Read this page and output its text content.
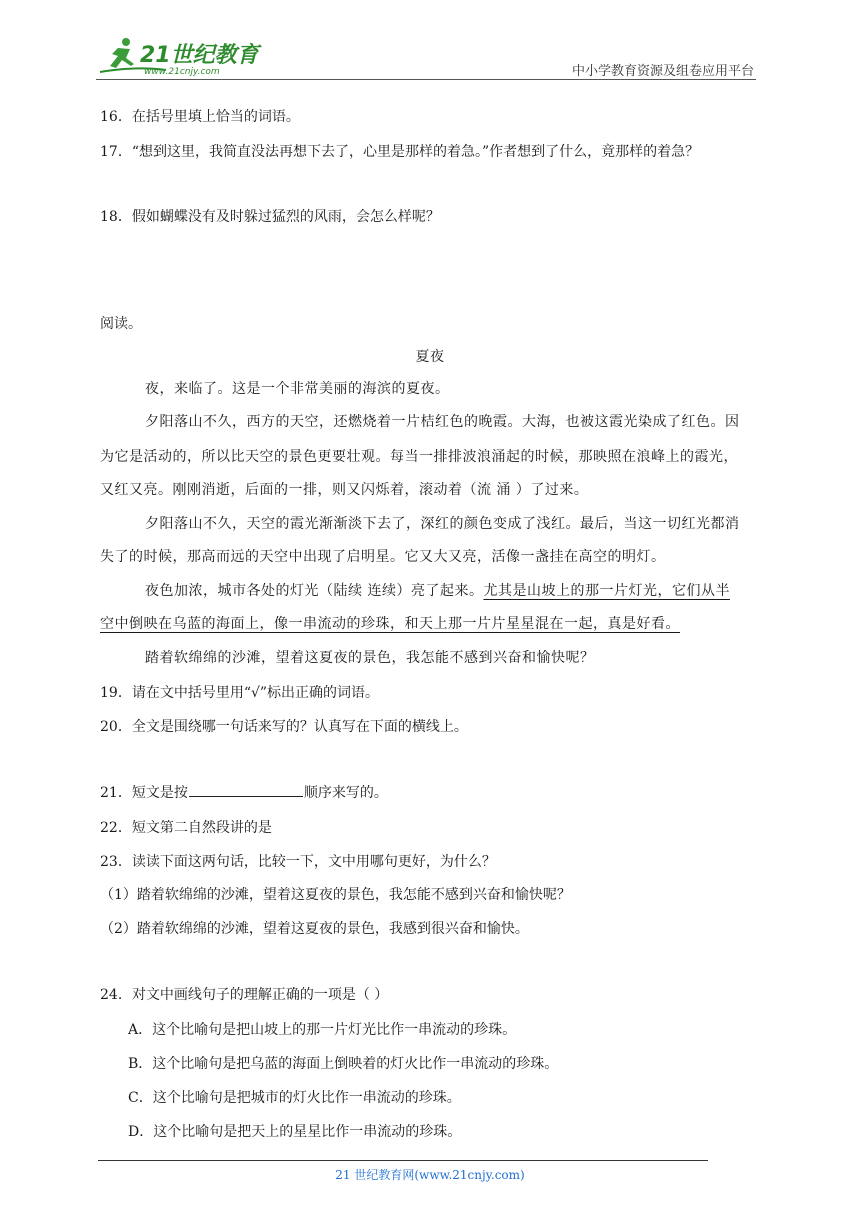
21世纪教育
www.21cnjy.com	中小学教育资源及组卷应用平台
16．在括号里填上恰当的词语。
17．“想到这里，我简直没法再想下去了，心里是那样的着急。”作者想到了什么，竟那样的着急？
18．假如蝴蝶没有及时躲过猛烈的风雨，会怎么样呢？
阅读。
夏夜
夜，来临了。这是一个非常美丽的海滨的夏夜。
夕阳落山不久，西方的天空，还燃烧着一片桔红色的晚霞。大海，也被这霞光染成了红色。因
为它是活动的，所以比天空的景色更要壮观。每当一排排波浪涌起的时候，那映照在浪峰上的霞光，
又红又亮。刚刚消逝，后面的一排，则又闪烁着，滚动着（流 涌 ）了过来。
夕阳落山不久，天空的霞光渐渐淡下去了，深红的颜色变成了浅红。最后，当这一切红光都消
失了的时候，那高而远的天空中出现了启明星。它又大又亮，活像一盏挂在高空的明灯。
夜色加浓，城市各处的灯光（陆续 连续）亮了起来。尤其是山坡上的那一片灯光，它们从半
空中倒映在乌蓝的海面上，像一串流动的珍珠，和天上那一片片星星混在一起，真是好看。
踏着软绵绵的沙滩，望着这夏夜的景色，我怎能不感到兴奋和愉快呢？
19．请在文中括号里用“√”标出正确的词语。
20．全文是围绕哪一句话来写的？认真写在下面的横线上。
21．短文是按	顺序来写的。
22．短文第二自然段讲的是
23．读读下面这两句话，比较一下，文中用哪句更好，为什么？
（1）踏着软绵绵的沙滩，望着这夏夜的景色，我怎能不感到兴奋和愉快呢？
（2）踏着软绵绵的沙滩，望着这夏夜的景色，我感到很兴奋和愉快。
24．对文中画线句子的理解正确的一项是（ ）
A．这个比喻句是把山坡上的那一片灯光比作一串流动的珍珠。
B．这个比喻句是把乌蓝的海面上倒映着的灯火比作一串流动的珍珠。
C．这个比喻句是把城市的灯火比作一串流动的珍珠。
D．这个比喻句是把天上的星星比作一串流动的珍珠。
21 世纪教育网(www.21cnjy.com)
